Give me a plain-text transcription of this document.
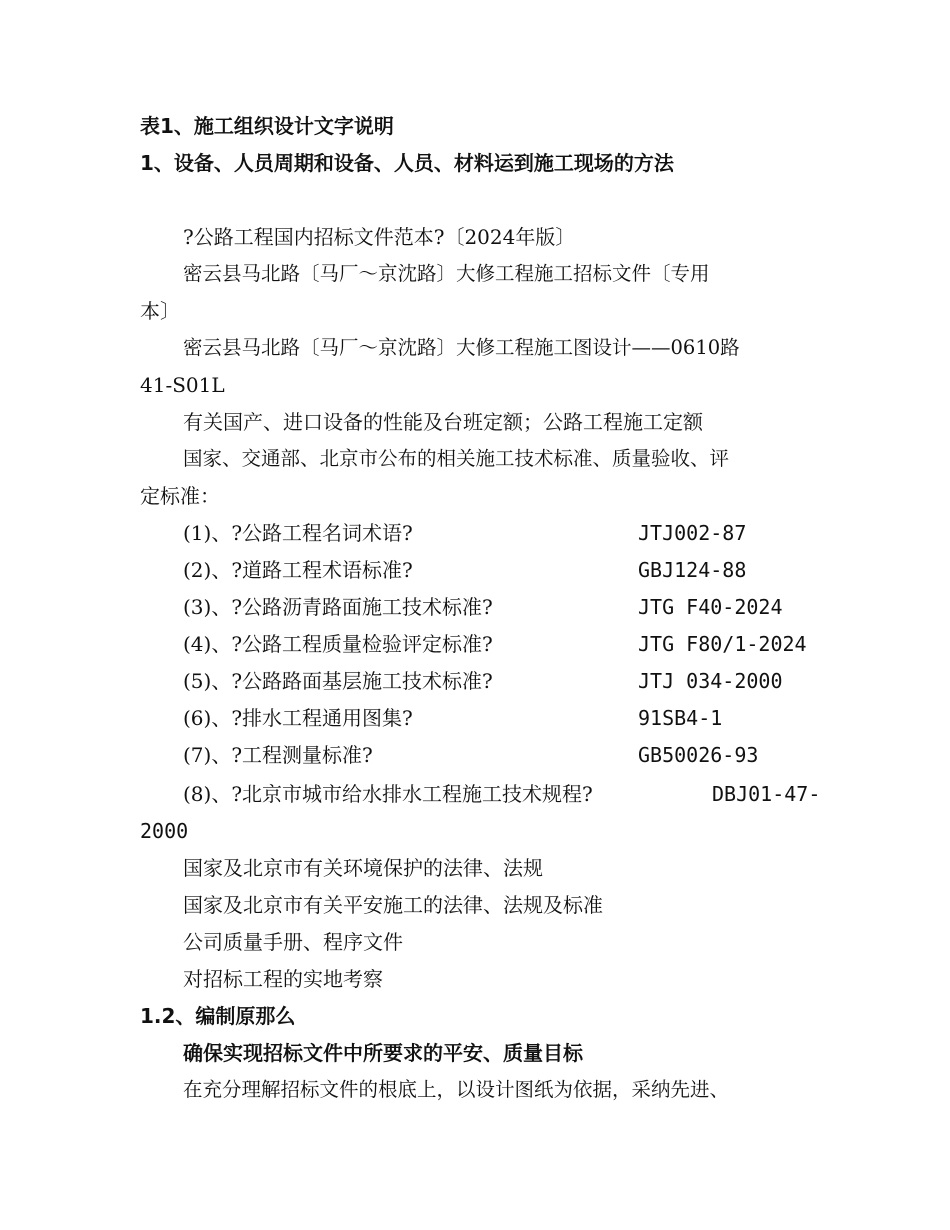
表1、施工组织设计文字说明
1、设备、人员周期和设备、人员、材料运到施工现场的方法
?公路工程国内招标文件范本?〔2024年版〕
密云县马北路〔马厂～京沈路〕大修工程施工招标文件〔专用
本〕
密云县马北路〔马厂～京沈路〕大修工程施工图设计——0610路
41-S01L
有关国产、进口设备的性能及台班定额；公路工程施工定额
国家、交通部、北京市公布的相关施工技术标准、质量验收、评
定标准：
(1)、?公路工程名词术语?	JTJ002-87
(2)、?道路工程术语标准?	GBJ124-88
(3)、?公路沥青路面施工技术标准?	JTG F40-2024
(4)、?公路工程质量检验评定标准?	JTG F80/1-2024
(5)、?公路路面基层施工技术标准?	JTJ 034-2000
(6)、?排水工程通用图集?	91SB4-1
(7)、?工程测量标准?	GB50026-93
(8)、?北京市城市给水排水工程施工技术规程?	DBJ01-47-
2000
国家及北京市有关环境保护的法律、法规
国家及北京市有关平安施工的法律、法规及标准
公司质量手册、程序文件
对招标工程的实地考察
1.2、编制原那么
确保实现招标文件中所要求的平安、质量目标
在充分理解招标文件的根底上，以设计图纸为依据，采纳先进、
